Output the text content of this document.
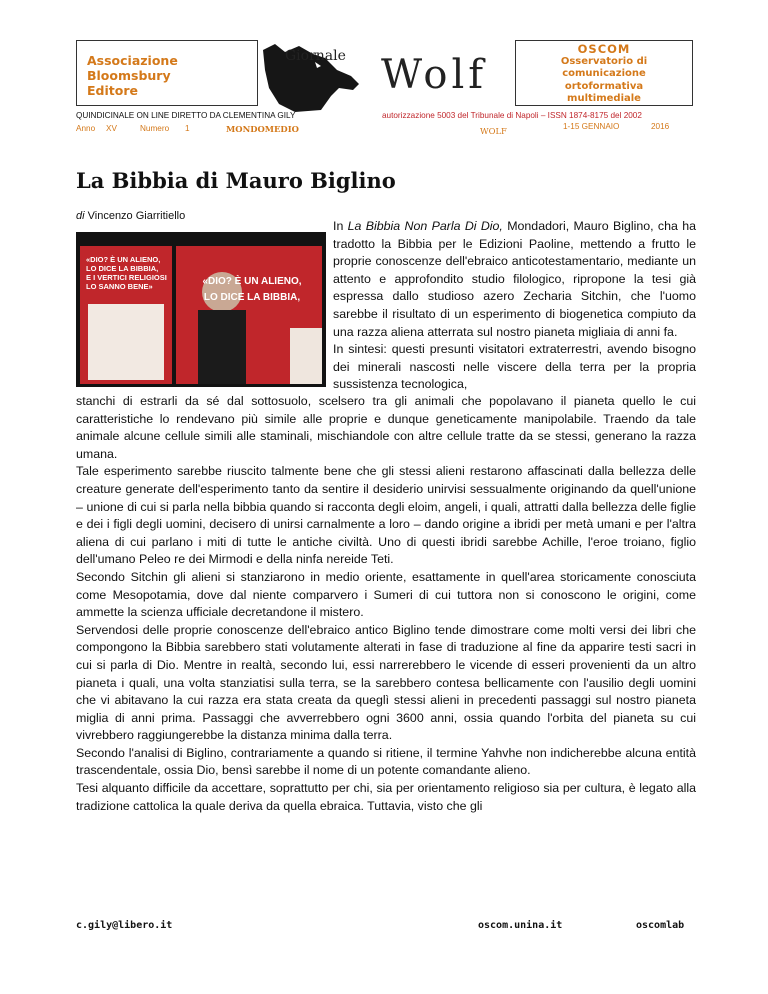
Associazione
Bloomsbury
Editore
Giornale Wolf
OSCOM
Osservatorio di
comunicazione
ortoformativa
multimediale
QUINDICINALE ON LINE DIRETTO DA CLEMENTINA GILY	autorizzazione 5003 del Tribunale di Napoli – ISSN 1874-8175 del 2002
Anno XV	Numero 1	MONDOMEDIO	WOLF	1-15 GENNAIO	2016
La Bibbia di Mauro Biglino
di Vincenzo Giarritiello
«DIO? È UN ALIENO,
LO DICE LA BIBBIA,
E I VERTICI RELIGIOSI
LO SANNO BENE»	«DIO? È UN ALIENO,
LO DICE LA BIBBIA,

In La Bibbia Non Parla Di Dio, Mondadori, Mauro Biglino, cha ha tradotto la Bibbia per le Edizioni Paoline, mettendo a frutto le proprie conoscenze dell'ebraico anticotestamentario, mediante un attento e approfondito studio filologico, ripropone la tesi già espressa dallo studioso azero Zecharia Sitchin, che l'uomo sarebbe il risultato di un esperimento di biogenetica compiuto da una razza aliena atterrata sul nostro pianeta migliaia di anni fa.

In sintesi: questi presunti visitatori extraterrestri, avendo bisogno dei minerali nascosti nelle viscere della terra per la propria sussistenza tecnologica,

stanchi di estrarli da sé dal sottosuolo, scelsero tra gli animali che popolavano il pianeta quello le cui caratteristiche lo rendevano più simile alle proprie e dunque geneticamente manipolabile. Traendo da tale animale alcune cellule simili alle staminali, mischiandole con altre cellule tratte da se stessi, generano la razza umana.

Tale esperimento sarebbe riuscito talmente bene che gli stessi alieni restarono affascinati dalla bellezza delle creature generate dell'esperimento tanto da sentire il desiderio unirvisi sessualmente originando da quell'unione – unione di cui si parla nella bibbia quando si racconta degli eloim, angeli, i quali, attratti dalla bellezza delle figlie e dei i figli degli uomini, decisero di unirsi carnalmente a loro – dando origine a ibridi per metà umani e per l'altra aliena di cui parlano i miti di tutte le antiche civiltà. Uno di questi ibridi sarebbe Achille, l'eroe troiano, figlio dell'umano Peleo re dei Mirmodi e della ninfa nereide Teti.

Secondo Sitchin gli alieni si stanziarono in medio oriente, esattamente in quell'area storicamente conosciuta come Mesopotamia, dove dal niente comparvero i Sumeri di cui tuttora non si conoscono le origini, come ammette la scienza ufficiale decretandone il mistero.

Servendosi delle proprie conoscenze dell'ebraico antico Biglino tende dimostrare come molti versi dei libri che compongono la Bibbia sarebbero stati volutamente alterati in fase di traduzione al fine da apparire testi sacri in cui si parla di Dio. Mentre in realtà, secondo lui, essi narrerebbero le vicende di esseri provenienti da un altro pianeta i quali, una volta stanziatisi sulla terra, se la sarebbero contesa bellicamente con l'ausilio degli uomini che vi abitavano la cui razza era stata creata da queglì stessi alieni in precedenti passaggi sul nostro pianeta miglia di anni prima. Passaggi che avverrebbero ogni 3600 anni, ossia quando l'orbita del pianeta su cui vivrebbero raggiungerebbe la distanza minima dalla terra.

Secondo l'analisi di Biglino, contrariamente a quando si ritiene, il termine Yahvhe non indicherebbe alcuna entità trascendentale, ossia Dio, bensì sarebbe il nome di un potente comandante alieno.

Tesi alquanto difficile da accettare, soprattutto per chi, sia per orientamento religioso sia per cultura, è legato alla tradizione cattolica la quale deriva da quella ebraica. Tuttavia, visto che gli

c.gily@libero.it	oscom.unina.it	oscomlab
